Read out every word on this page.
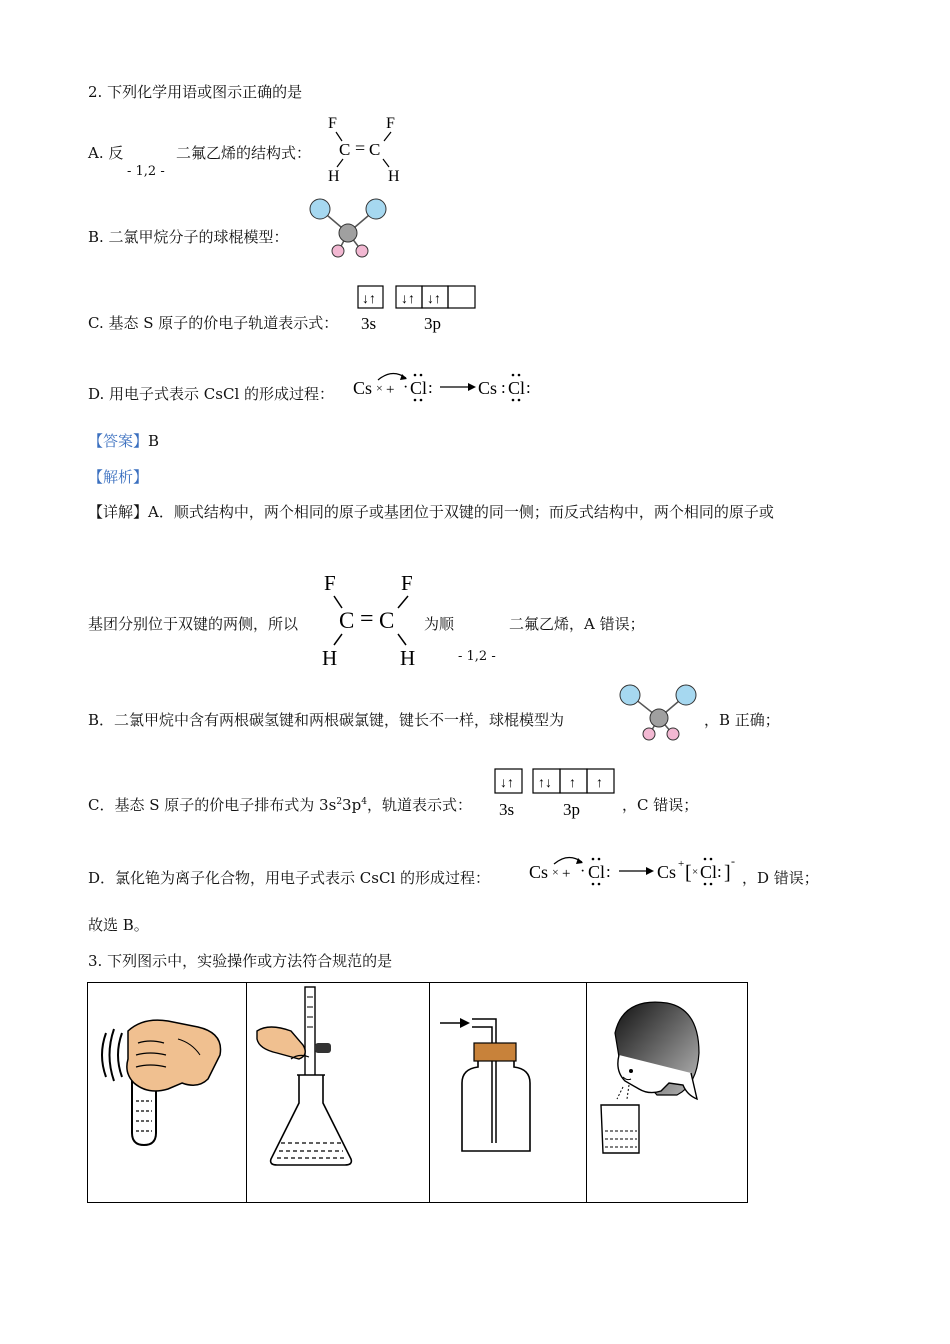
2. 下列化学用语或图示正确的是
A. 反
- 1,2 -
二氟乙烯的结构式：
F	F
C = C
H	H
B. 二氯甲烷分子的球棍模型：
C. 基态 S 原子的价电子轨道表示式：
↓↑ ↓↑ ↓↑
3s	3p
D. 用电子式表示 CsCl 的形成过程： Cs × + · Cl :	Cs : Cl :
【答案】B
【解析】
【详解】A．顺式结构中，两个相同的原子或基团位于双键的同一侧；而反式结构中，两个相同的原子或
基团分别位于双键的两侧，所以
F	F
C = C
H	H
为顺
- 1,2 -
二氟乙烯，A 错误；
B．二氯甲烷中含有两根碳氢键和两根碳氯键，键长不一样，球棍模型为	，B 正确；
C．基态 S 原子的价电子排布式为 $3s^23p^4$，轨道表示式：
↓↑ ↑↓ ↑ ↑
3s	3p	，C 错误；
D．氯化铯为离子化合物，用电子式表示 CsCl 的形成过程： Cs × + · Cl :	Cs + [ × Cl : ]
-
，D 错误；
故选 B。
3. 下列图示中，实验操作或方法符合规范的是
